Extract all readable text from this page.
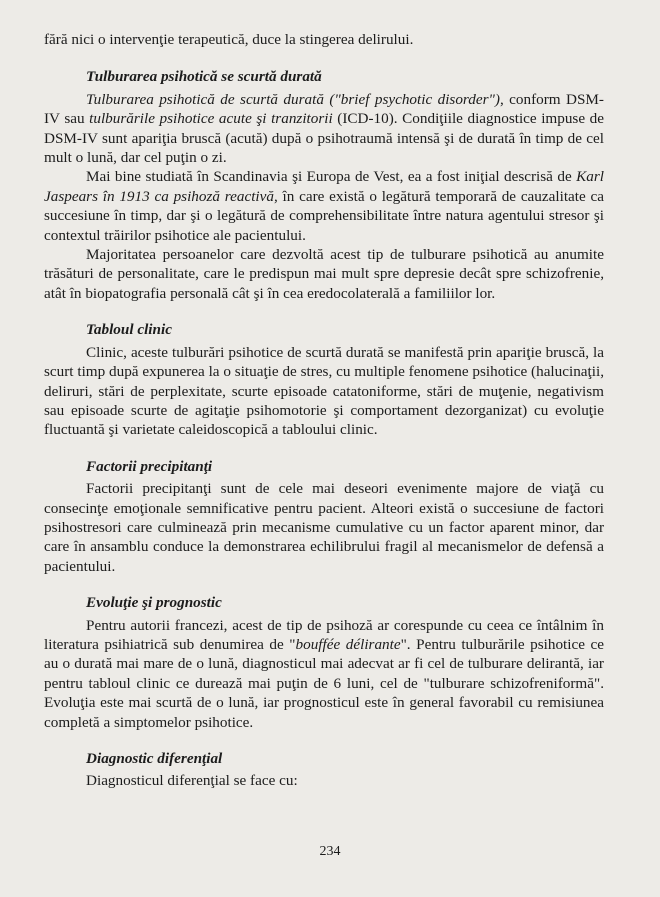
fără nici o intervenţie terapeutică, duce la stingerea delirului.

Tulburarea psihotică se scurtă durată

Tulburarea psihotică de scurtă durată ("brief psychotic disorder"), conform DSM-IV sau tulburările psihotice acute şi tranzitorii (ICD-10). Condiţiile diagnostice impuse de DSM-IV sunt apariţia bruscă (acută) după o psihotraumă intensă şi de durată în timp de cel mult o lună, dar cel puţin o zi.

Mai bine studiată în Scandinavia şi Europa de Vest, ea a fost iniţial descrisă de Karl Jaspears în 1913 ca psihoză reactivă, în care există o legătură temporară de cauzalitate ca succesiune în timp, dar şi o legătură de comprehensibilitate între natura agentului stresor şi contextul trăirilor psihotice ale pacientului.

Majoritatea persoanelor care dezvoltă acest tip de tulburare psihotică au anumite trăsături de personalitate, care le predispun mai mult spre depresie decât spre schizofrenie, atât în biopatografia personală cât şi în cea eredocolaterală a familiilor lor.

Tabloul clinic

Clinic, aceste tulburări psihotice de scurtă durată se manifestă prin apariţie bruscă, la scurt timp după expunerea la o situaţie de stres, cu multiple fenomene psihotice (halucinaţii, deliruri, stări de perplexitate, scurte episoade catatoniforme, stări de muţenie, negativism sau episoade scurte de agitaţie psihomotorie şi comportament dezorganizat) cu evoluţie fluctuantă şi varietate caleidoscopică a tabloului clinic.

Factorii precipitanţi

Factorii precipitanţi sunt de cele mai deseori evenimente majore de viaţă cu consecinţe emoţionale semnificative pentru pacient. Alteori există o succesiune de factori psihostresori care culminează prin mecanisme cumulative cu un factor aparent minor, dar care în ansamblu conduce la demonstrarea echilibrului fragil al mecanismelor de defensă a pacientului.

Evoluţie şi prognostic

Pentru autorii francezi, acest de tip de psihoză ar corespunde cu ceea ce întâlnim în literatura psihiatrică sub denumirea de "bouffée délirante". Pentru tulburările psihotice ce au o durată mai mare de o lună, diagnosticul mai adecvat ar fi cel de tulburare delirantă, iar pentru tabloul clinic ce durează mai puţin de 6 luni, cel de "tulburare schizofreniformă". Evoluţia este mai scurtă de o lună, iar prognosticul este în general favorabil cu remisiunea completă a simptomelor psihotice.

Diagnostic diferenţial

Diagnosticul diferenţial se face cu:

234
